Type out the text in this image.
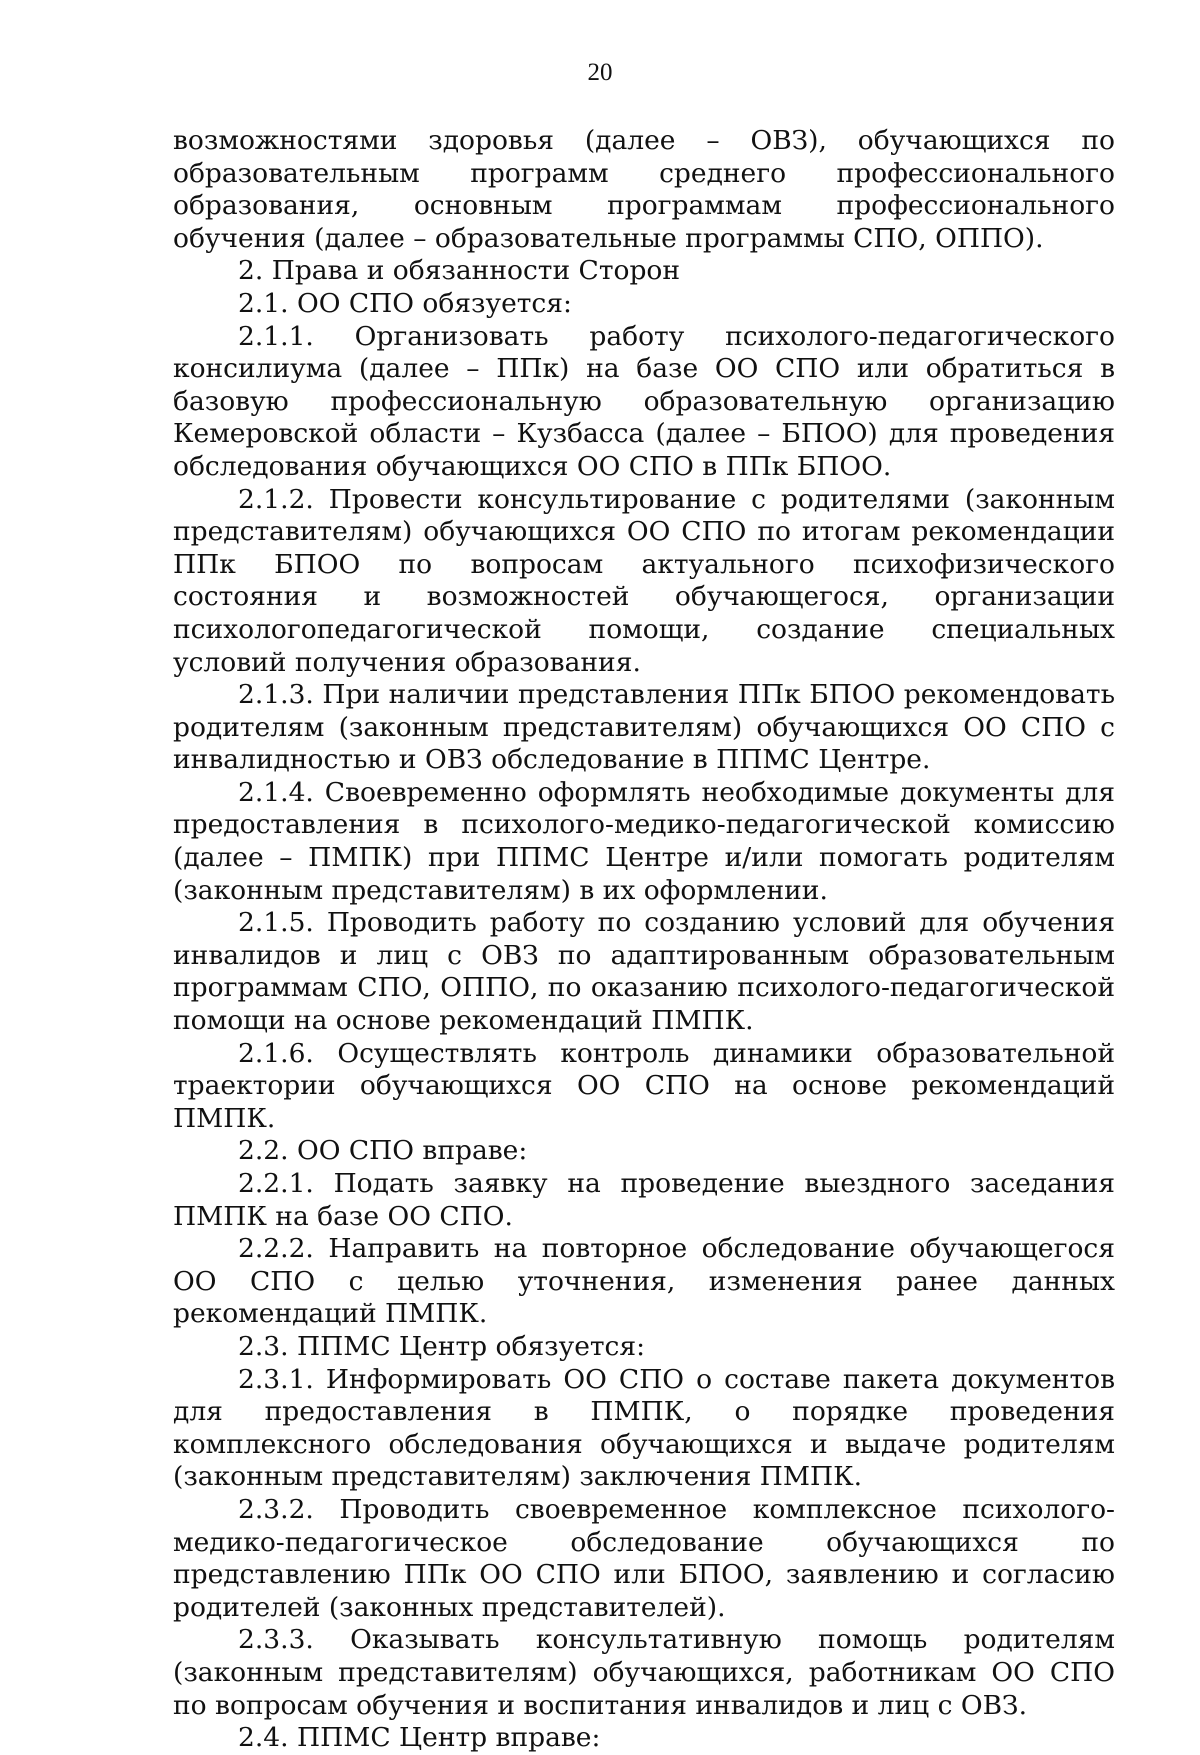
20

возможностями здоровья (далее – ОВЗ), обучающихся по образовательным программ среднего профессионального образования, основным программам профессионального обучения (далее – образовательные программы СПО, ОППО).

2. Права и обязанности Сторон

2.1. ОО СПО обязуется:

2.1.1. Организовать работу психолого-педагогического консилиума (далее – ППк) на базе ОО СПО или обратиться в базовую профессиональную образовательную организацию Кемеровской области – Кузбасса (далее – БПОО) для проведения обследования обучающихся ОО СПО в ППк БПОО.

2.1.2. Провести консультирование с родителями (законным представителям) обучающихся ОО СПО по итогам рекомендации ППк БПОО по вопросам актуального психофизического состояния и возможностей обучающегося, организации психологопедагогической помощи, создание специальных условий получения образования.

2.1.3. При наличии представления ППк БПОО рекомендовать родителям (законным представителям) обучающихся ОО СПО с инвалидностью и ОВЗ обследование в ППМС Центре.

2.1.4. Своевременно оформлять необходимые документы для предоставления в психолого-медико-педагогической комиссию (далее – ПМПК) при ППМС Центре и/или помогать родителям (законным представителям) в их оформлении.

2.1.5. Проводить работу по созданию условий для обучения инвалидов и лиц с ОВЗ по адаптированным образовательным программам СПО, ОППО, по оказанию психолого-педагогической помощи на основе рекомендаций ПМПК.

2.1.6. Осуществлять контроль динамики образовательной траектории обучающихся ОО СПО на основе рекомендаций ПМПК.

2.2. ОО СПО вправе:

2.2.1. Подать заявку на проведение выездного заседания ПМПК на базе ОО СПО.

2.2.2. Направить на повторное обследование обучающегося ОО СПО с целью уточнения, изменения ранее данных рекомендаций ПМПК.

2.3. ППМС Центр обязуется:

2.3.1. Информировать ОО СПО о составе пакета документов для предоставления в ПМПК, о порядке проведения комплексного обследования обучающихся и выдаче родителям (законным представителям) заключения ПМПК.

2.3.2. Проводить своевременное комплексное психолого-медико-педагогическое обследование обучающихся по представлению ППк ОО СПО или БПОО, заявлению и согласию родителей (законных представителей).

2.3.3. Оказывать консультативную помощь родителям (законным представителям) обучающихся, работникам ОО СПО по вопросам обучения и воспитания инвалидов и лиц с ОВЗ.

2.4. ППМС Центр вправе:
